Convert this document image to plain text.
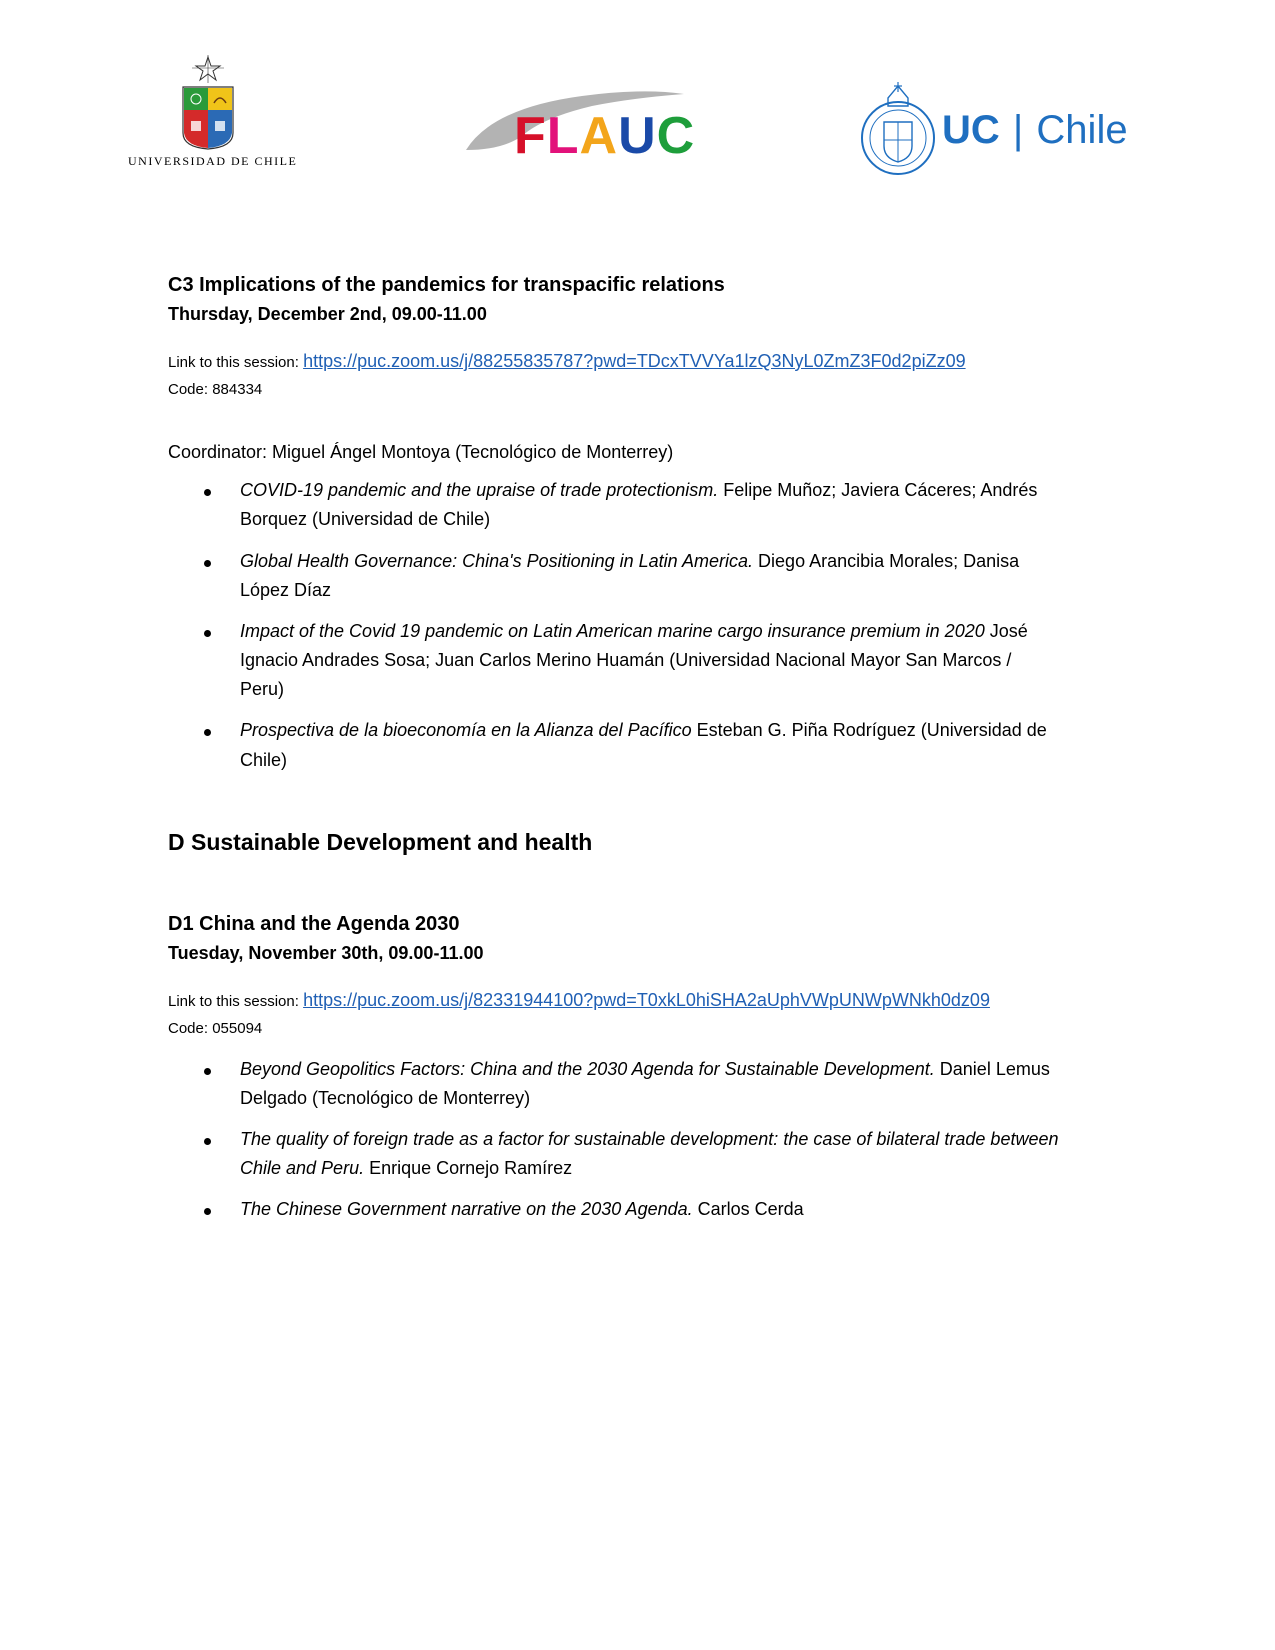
UNIVERSIDAD DE CHILE	FLAUC	UC | Chile

C3 Implications of the pandemics for transpacific relations

Thursday, December 2nd, 09.00-11.00

Link to this session: https://puc.zoom.us/j/88255835787?pwd=TDcxTVVYa1lzQ3NyL0ZmZ3F0d2piZz09

Code: 884334

Coordinator: Miguel Ángel Montoya (Tecnológico de Monterrey)

COVID-19 pandemic and the upraise of trade protectionism. Felipe Muñoz; Javiera Cáceres; Andrés Borquez (Universidad de Chile)
Global Health Governance: China's Positioning in Latin America. Diego Arancibia Morales; Danisa López Díaz
Impact of the Covid 19 pandemic on Latin American marine cargo insurance premium in 2020 José Ignacio Andrades Sosa; Juan Carlos Merino Huamán (Universidad Nacional Mayor San Marcos / Peru)
Prospectiva de la bioeconomía en la Alianza del Pacífico Esteban G. Piña Rodríguez (Universidad de Chile)

D Sustainable Development and health

D1 China and the Agenda 2030

Tuesday, November 30th, 09.00-11.00

Link to this session: https://puc.zoom.us/j/82331944100?pwd=T0xkL0hiSHA2aUphVWpUNWpWNkh0dz09

Code: 055094

Beyond Geopolitics Factors: China and the 2030 Agenda for Sustainable Development. Daniel Lemus Delgado (Tecnológico de Monterrey)
The quality of foreign trade as a factor for sustainable development: the case of bilateral trade between Chile and Peru. Enrique Cornejo Ramírez
The Chinese Government narrative on the 2030 Agenda. Carlos Cerda
